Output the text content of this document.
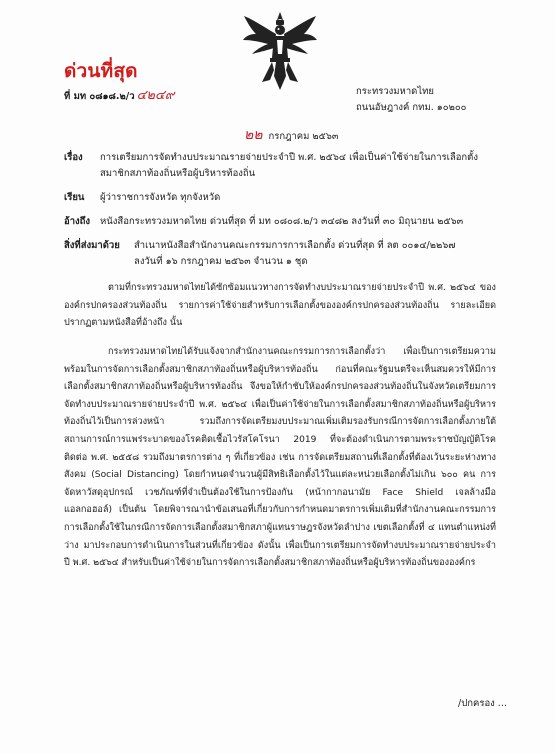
ด่วนที่สุด
ที่ มท ๐๘๑๘.๒/ว ๔๒๔๙	กระทรวงมหาดไทย
ถนนอัษฎางค์ กทม. ๑๐๒๐๐
๒๒ กรกฎาคม ๒๕๖๓
เรื่อง การเตรียมการจัดทำงบประมาณรายจ่ายประจำปี พ.ศ. ๒๕๖๔ เพื่อเป็นค่าใช้จ่ายในการเลือกตั้ง
สมาชิกสภาท้องถิ่นหรือผู้บริหารท้องถิ่น
เรียน ผู้ว่าราชการจังหวัด ทุกจังหวัด
อ้างถึง หนังสือกระทรวงมหาดไทย ด่วนที่สุด ที่ มท ๐๘๐๘.๒/ว ๓๔๘๒ ลงวันที่ ๓๐ มิถุนายน ๒๕๖๓
สิ่งที่ส่งมาด้วย สำเนาหนังสือสำนักงานคณะกรรมการการเลือกตั้ง ด่วนที่สุด ที่ ลต ๐๐๑๔/๒๒๖๗
ลงวันที่ ๑๖ กรกฎาคม ๒๕๖๓ จำนวน ๑ ชุด
ตามที่กระทรวงมหาดไทยได้ซักซ้อมแนวทางการจัดทำงบประมาณรายจ่ายประจำปี พ.ศ. ๒๕๖๔ ขององค์กรปกครองส่วนท้องถิ่น รายการค่าใช้จ่ายสำหรับการเลือกตั้งขององค์กรปกครองส่วนท้องถิ่น รายละเอียดปรากฏตามหนังสือที่อ้างถึง นั้น
กระทรวงมหาดไทยได้รับแจ้งจากสำนักงานคณะกรรมการการเลือกตั้งว่า เพื่อเป็นการเตรียมความพร้อมในการจัดการเลือกตั้งสมาชิกสภาท้องถิ่นหรือผู้บริหารท้องถิ่น ก่อนที่คณะรัฐมนตรีจะเห็นสมควรให้มีการเลือกตั้งสมาชิกสภาท้องถิ่นหรือผู้บริหารท้องถิ่น จึงขอให้กำชับให้องค์กรปกครองส่วนท้องถิ่นในจังหวัดเตรียมการจัดทำงบประมาณรายจ่ายประจำปี พ.ศ. ๒๕๖๔ เพื่อเป็นค่าใช้จ่ายในการเลือกตั้งสมาชิกสภาท้องถิ่นหรือผู้บริหารท้องถิ่นไว้เป็นการล่วงหน้า รวมถึงการจัดเตรียมงบประมาณเพิ่มเติมรองรับกรณีการจัดการเลือกตั้งภายใต้สถานการณ์การแพร่ระบาดของโรคติดเชื้อไวรัสโคโรนา 2019 ที่จะต้องดำเนินการตามพระราชบัญญัติโรคติดต่อ พ.ศ. ๒๕๕๘ รวมถึงมาตรการต่าง ๆ ที่เกี่ยวข้อง เช่น การจัดเตรียมสถานที่เลือกตั้งที่ต้องเว้นระยะห่างทางสังคม (Social Distancing) โดยกำหนดจำนวนผู้มีสิทธิเลือกตั้งไว้ในแต่ละหน่วยเลือกตั้งไม่เกิน ๖๐๐ คน การจัดหาวัสดุอุปกรณ์ เวชภัณฑ์ที่จำเป็นต้องใช้ในการป้องกัน (หน้ากากอนามัย Face Shield เจลล้างมือแอลกอฮอล์) เป็นต้น โดยพิจารณานำข้อเสนอที่เกี่ยวกับการกำหนดมาตรการเพิ่มเติมที่สำนักงานคณะกรรมการการเลือกตั้งใช้ในกรณีการจัดการเลือกตั้งสมาชิกสภาผู้แทนราษฎรจังหวัดลำปาง เขตเลือกตั้งที่ ๔ แทนตำแหน่งที่ว่าง มาประกอบการดำเนินการในส่วนที่เกี่ยวข้อง ดังนั้น เพื่อเป็นการเตรียมการจัดทำงบประมาณรายจ่ายประจำปี พ.ศ. ๒๕๖๔ สำหรับเป็นค่าใช้จ่ายในการจัดการเลือกตั้งสมาชิกสภาท้องถิ่นหรือผู้บริหารท้องถิ่นขององค์กร
/ปกครอง ...
